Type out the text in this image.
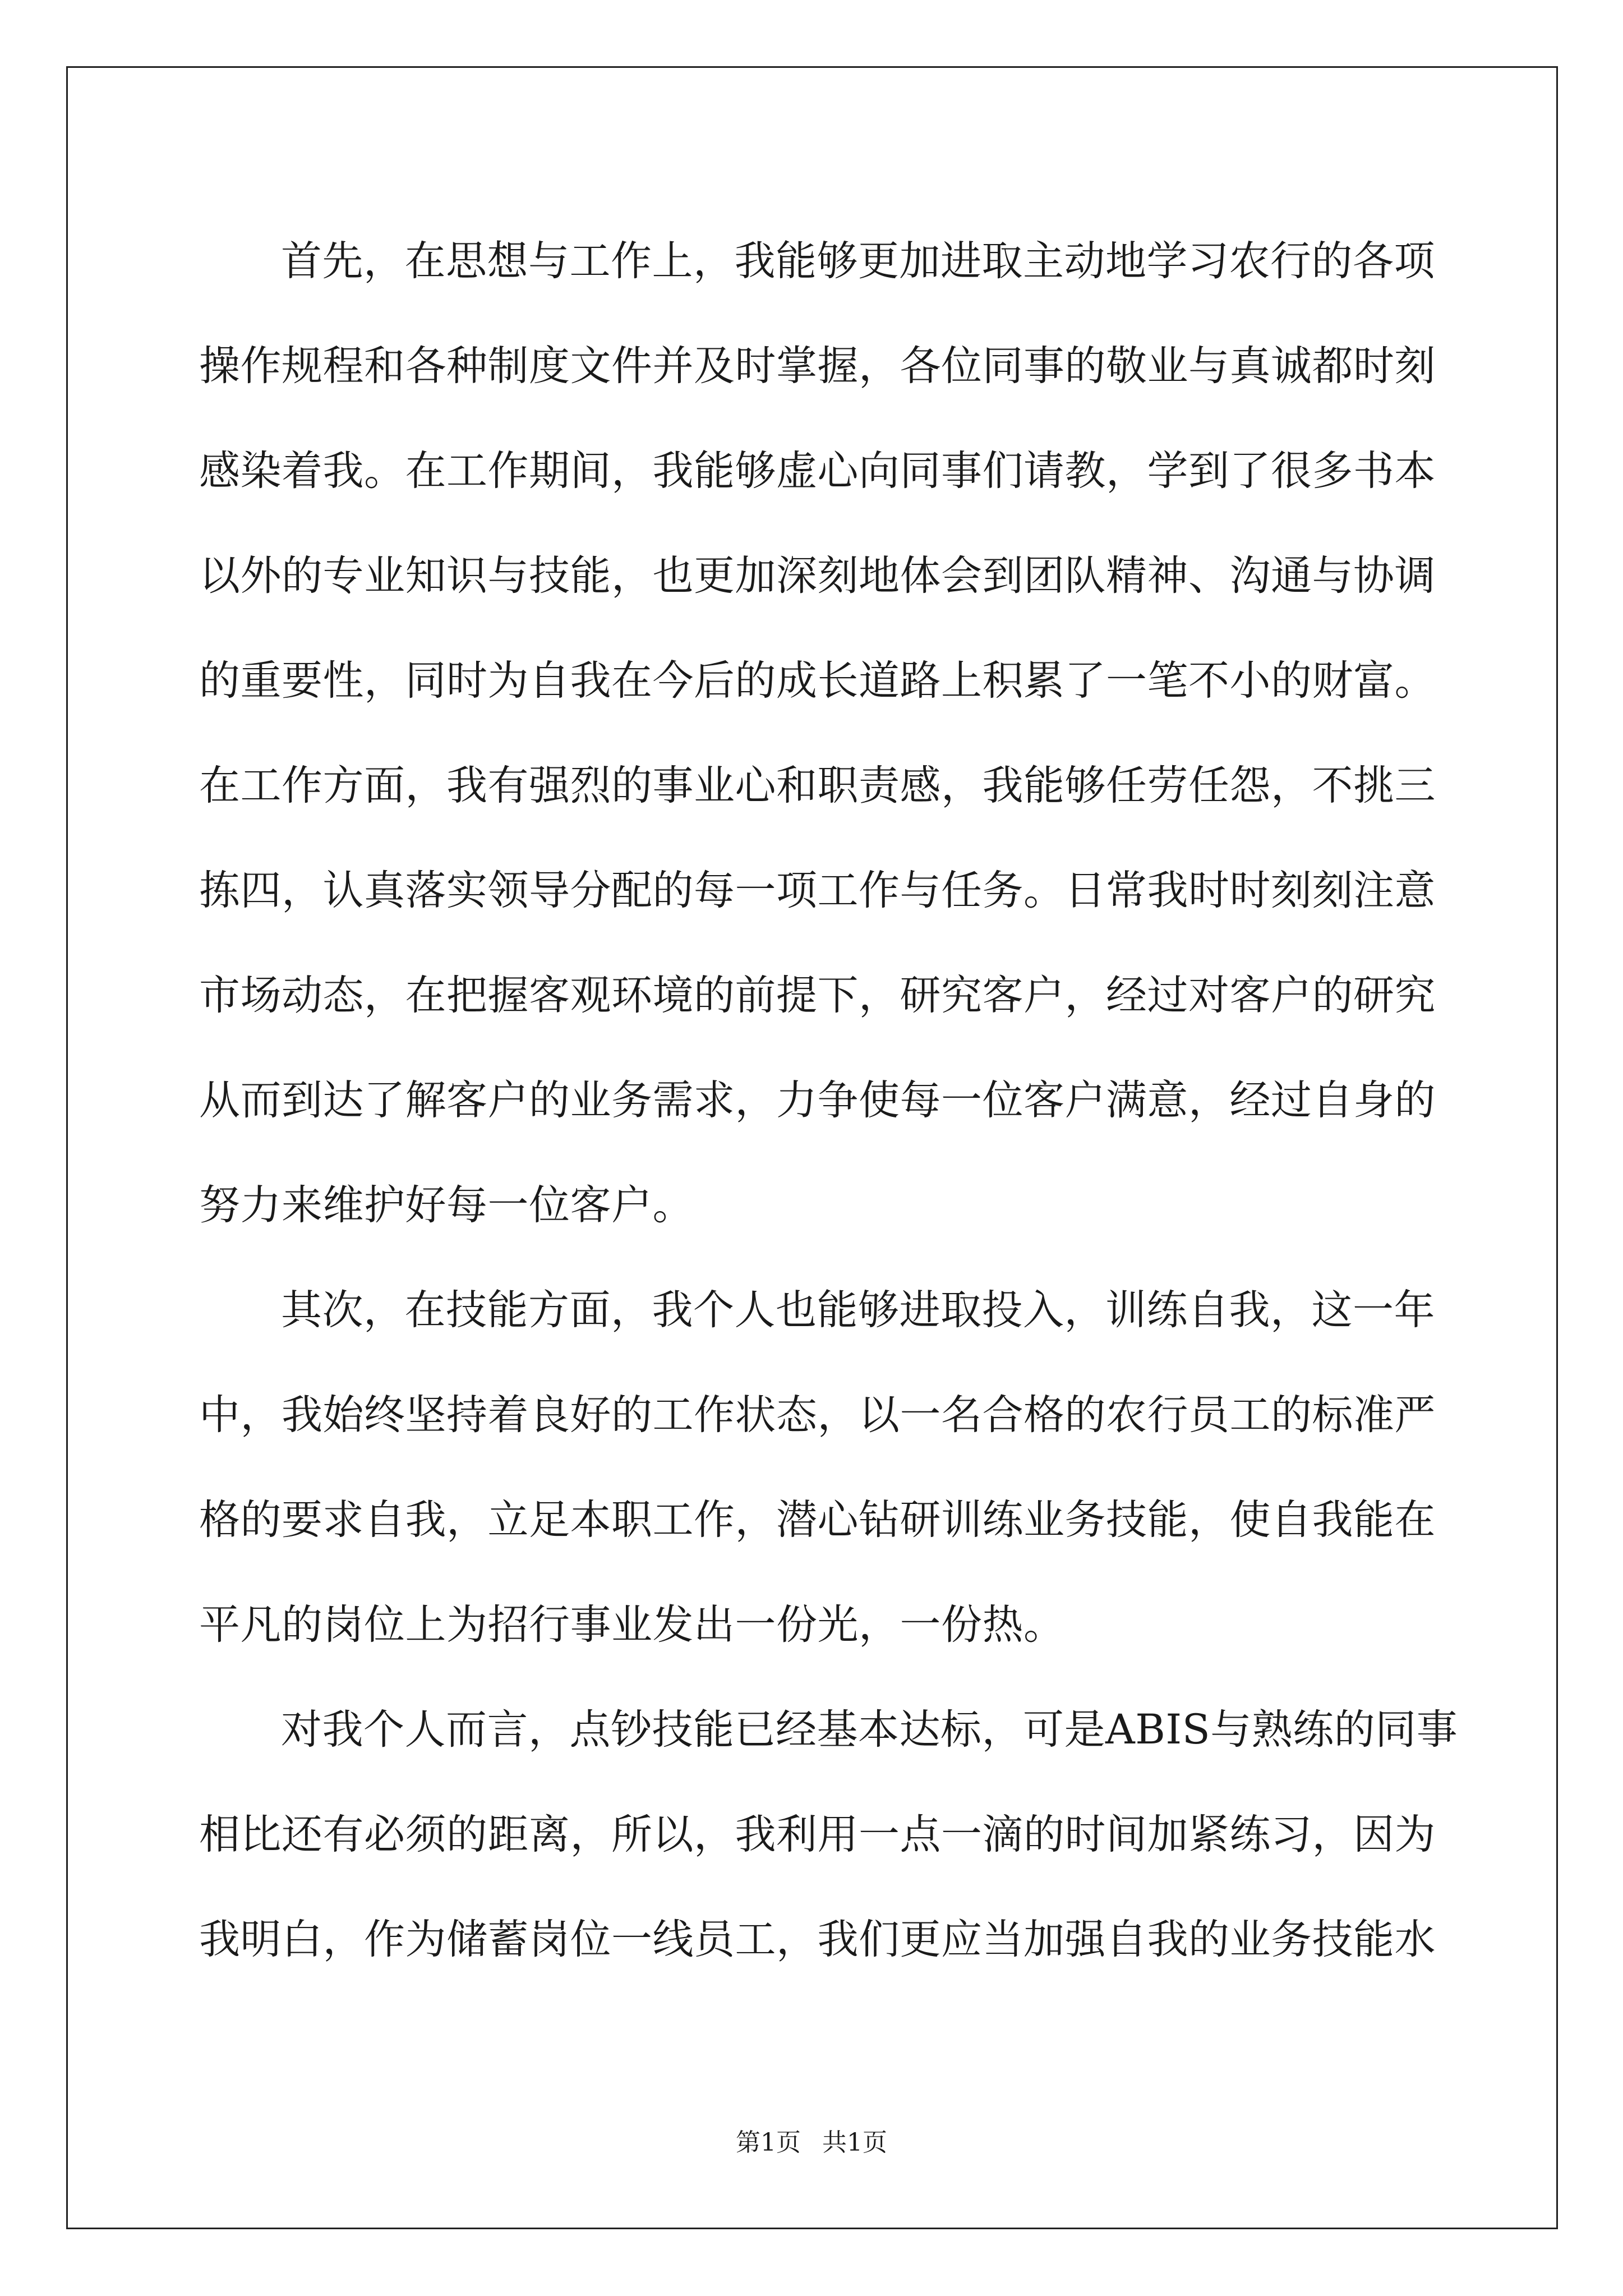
首先，在思想与工作上，我能够更加进取主动地学习农行的各项
操作规程和各种制度文件并及时掌握，各位同事的敬业与真诚都时刻
感染着我。在工作期间，我能够虚心向同事们请教，学到了很多书本
以外的专业知识与技能，也更加深刻地体会到团队精神、沟通与协调
的重要性，同时为自我在今后的成长道路上积累了一笔不小的财富。
在工作方面，我有强烈的事业心和职责感，我能够任劳任怨，不挑三
拣四，认真落实领导分配的每一项工作与任务。日常我时时刻刻注意
市场动态，在把握客观环境的前提下，研究客户，经过对客户的研究
从而到达了解客户的业务需求，力争使每一位客户满意，经过自身的
努力来维护好每一位客户。
其次，在技能方面，我个人也能够进取投入，训练自我，这一年
中，我始终坚持着良好的工作状态，以一名合格的农行员工的标准严
格的要求自我，立足本职工作，潜心钻研训练业务技能，使自我能在
平凡的岗位上为招行事业发出一份光，一份热。
对我个人而言，点钞技能已经基本达标，可是ABIS与熟练的同事
相比还有必须的距离，所以，我利用一点一滴的时间加紧练习，因为
我明白，作为储蓄岗位一线员工，我们更应当加强自我的业务技能水
第1页 共1页
